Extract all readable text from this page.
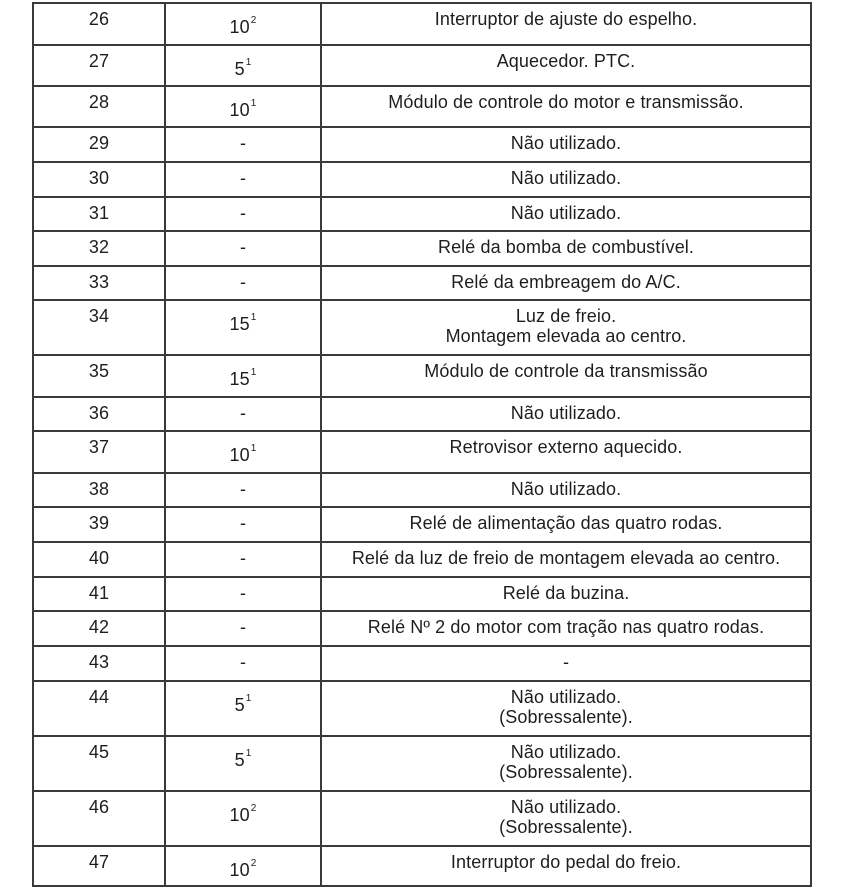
26	$10^2$	Interruptor de ajuste do espelho.

27	$5^1$	Aquecedor. PTC.

28	$10^1$	Módulo de controle do motor e transmissão.

29	-	Não utilizado.

30	-	Não utilizado.

31	-	Não utilizado.

32	-	Relé da bomba de combustível.

33	-	Relé da embreagem do A/C.

34	$15^1$	Luz de freio.
Montagem elevada ao centro.

35	$15^1$	Módulo de controle da transmissão

36	-	Não utilizado.

37	$10^1$	Retrovisor externo aquecido.

38	-	Não utilizado.

39	-	Relé de alimentação das quatro rodas.

40	-	Relé da luz de freio de montagem elevada ao centro.

41	-	Relé da buzina.

42	-	Relé Nº 2 do motor com tração nas quatro rodas.

43	-	-

44	$5^1$	Não utilizado.
(Sobressalente).

45	$5^1$	Não utilizado.
(Sobressalente).

46	$10^2$	Não utilizado.
(Sobressalente).

47	$10^2$	Interruptor do pedal do freio.
